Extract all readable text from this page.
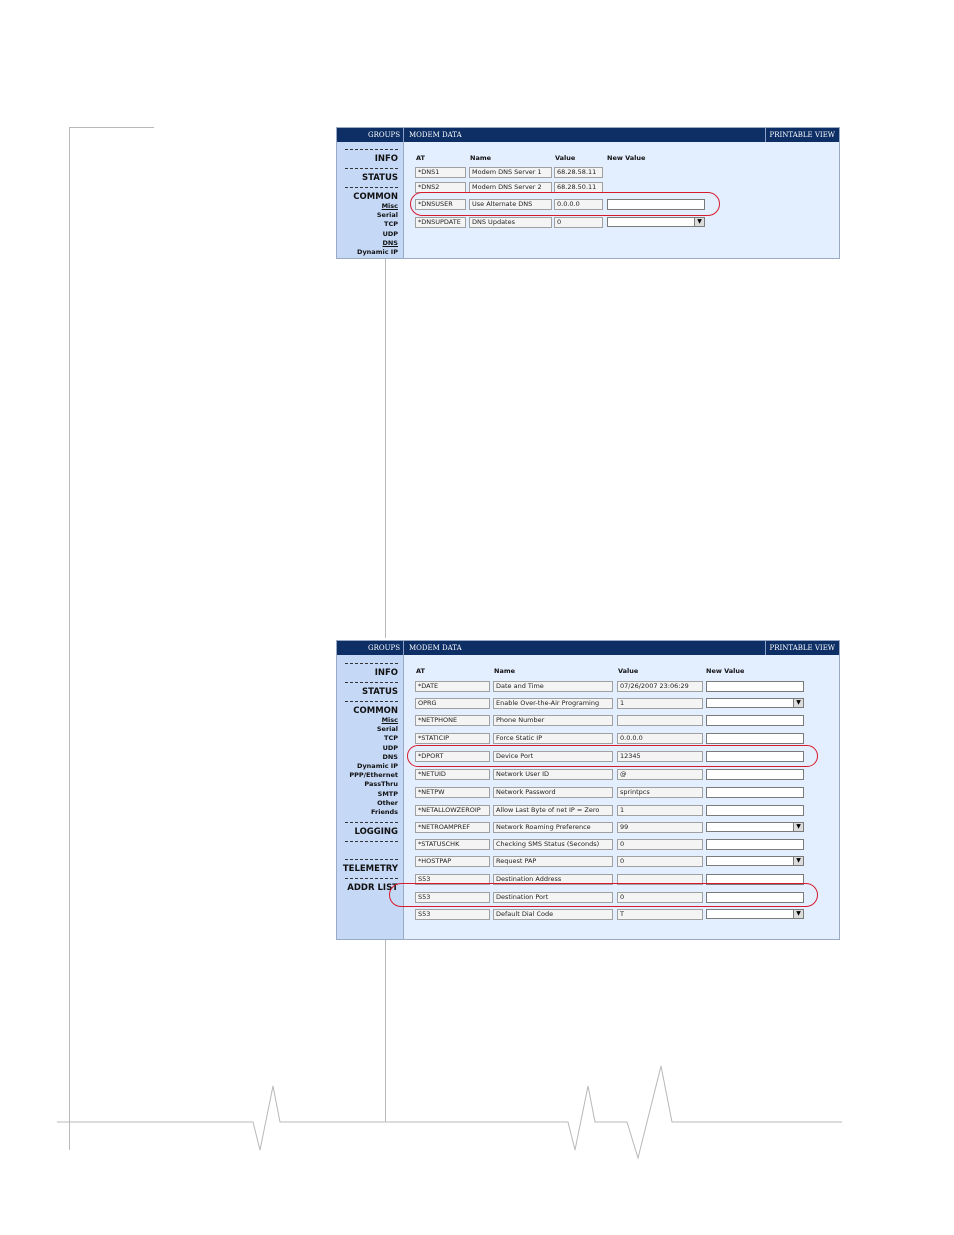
GROUPS	MODEM DATA	PRINTABLE VIEW
INFO
STATUS
COMMON
Misc
Serial
TCP
UDP
DNS
Dynamic IP
AT	Name	Value	New Value
*DNS1	Modem DNS Server 1	68.28.58.11
*DNS2	Modem DNS Server 2	68.28.50.11
*DNSUSER	Use Alternate DNS	0.0.0.0
*DNSUPDATE	DNS Updates	0	▼
GROUPS	MODEM DATA	PRINTABLE VIEW
INFO
STATUS
COMMON
Misc
Serial
TCP
UDP
DNS
Dynamic IP
PPP/Ethernet
PassThru
SMTP
Other
Friends
LOGGING
TELEMETRY
ADDR LIST
AT	Name	Value	New Value
*DATE	Date and Time	07/26/2007 23:06:29
OPRG	Enable Over-the-Air Programing	1	▼
*NETPHONE	Phone Number
*STATICIP	Force Static IP	0.0.0.0
*DPORT	Device Port	12345
*NETUID	Network User ID	@
*NETPW	Network Password	sprintpcs
*NETALLOWZEROIP	Allow Last Byte of net IP = Zero	1
*NETROAMPREF	Network Roaming Preference	99	▼
*STATUSCHK	Checking SMS Status (Seconds)	0
*HOSTPAP	Request PAP	0	▼
S53	Destination Address
S53	Destination Port	0
S53	Default Dial Code	T	▼
